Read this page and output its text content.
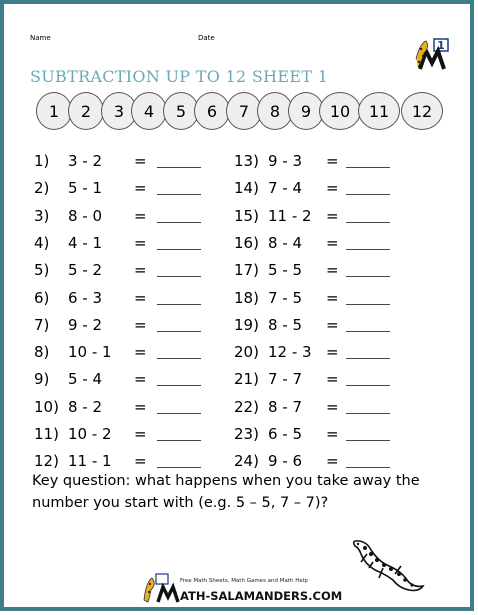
Name	Date
1
SUBTRACTION UP TO 12 SHEET 1
1	2	3	4	5	6	7	8	9	10	11	12
1) 3 - 2 =
2) 5 - 1 =
3) 8 - 0 =
4) 4 - 1 =
5) 5 - 2 =
6) 6 - 3 =
7) 9 - 2 =
8) 10 - 1 =
9) 5 - 4 =
10) 8 - 2 =
11) 10 - 2 =
12) 11 - 1 =
13) 9 - 3 =
14) 7 - 4 =
15) 11 - 2 =
16) 8 - 4 =
17) 5 - 5 =
18) 7 - 5 =
19) 8 - 5 =
20) 12 - 3 =
21) 7 - 7 =
22) 8 - 7 =
23) 6 - 5 =
24) 9 - 6 =
Key question: what happens when you take away the number you start with (e.g. 5 – 5, 7 – 7)?
Free Math Sheets, Math Games and Math Help
ATH-SALAMANDERS.COM
